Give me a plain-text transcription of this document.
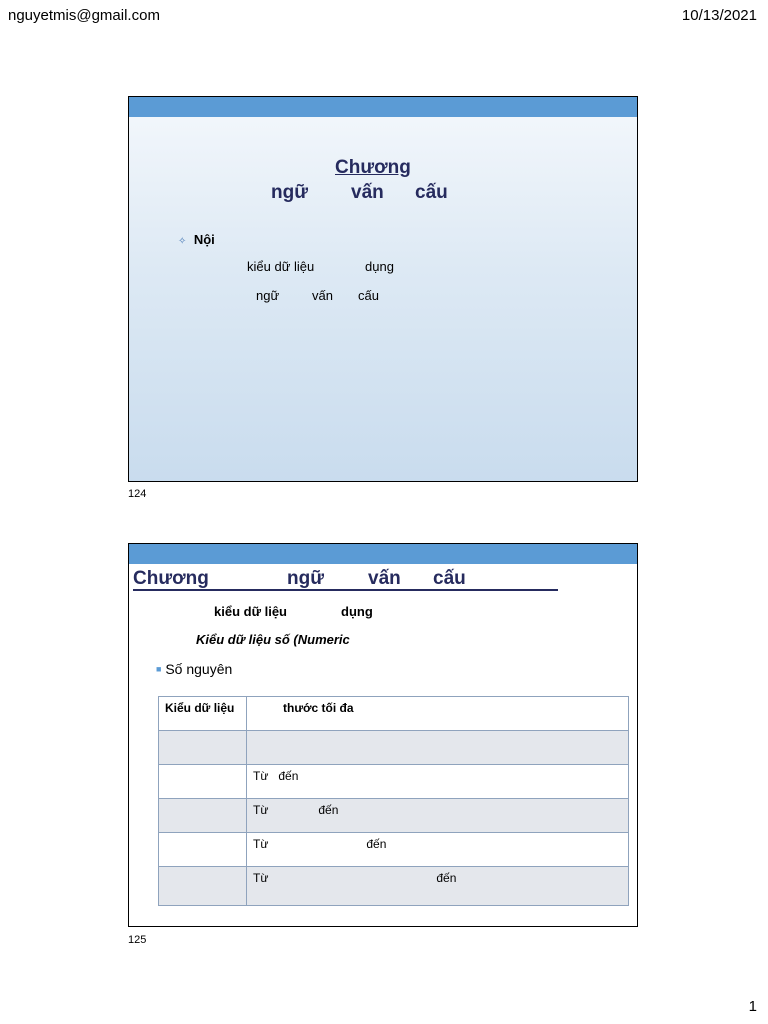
nguyetmis@gmail.com	10/13/2021
Chương
ngữ vấn cấu
✧ Nội
kiểu dữ liệu	dụng
ngữ	vấn cấu
124
Chương	ngữ vấn cấu
kiểu dữ liệu	dụng
Kiểu dữ liệu số (Numeric
■ Số nguyên
Kiểu dữ liệu	thước tối đa

	Từ đến
	Từ đến
	Từ đến
	Từ đến
125
1
